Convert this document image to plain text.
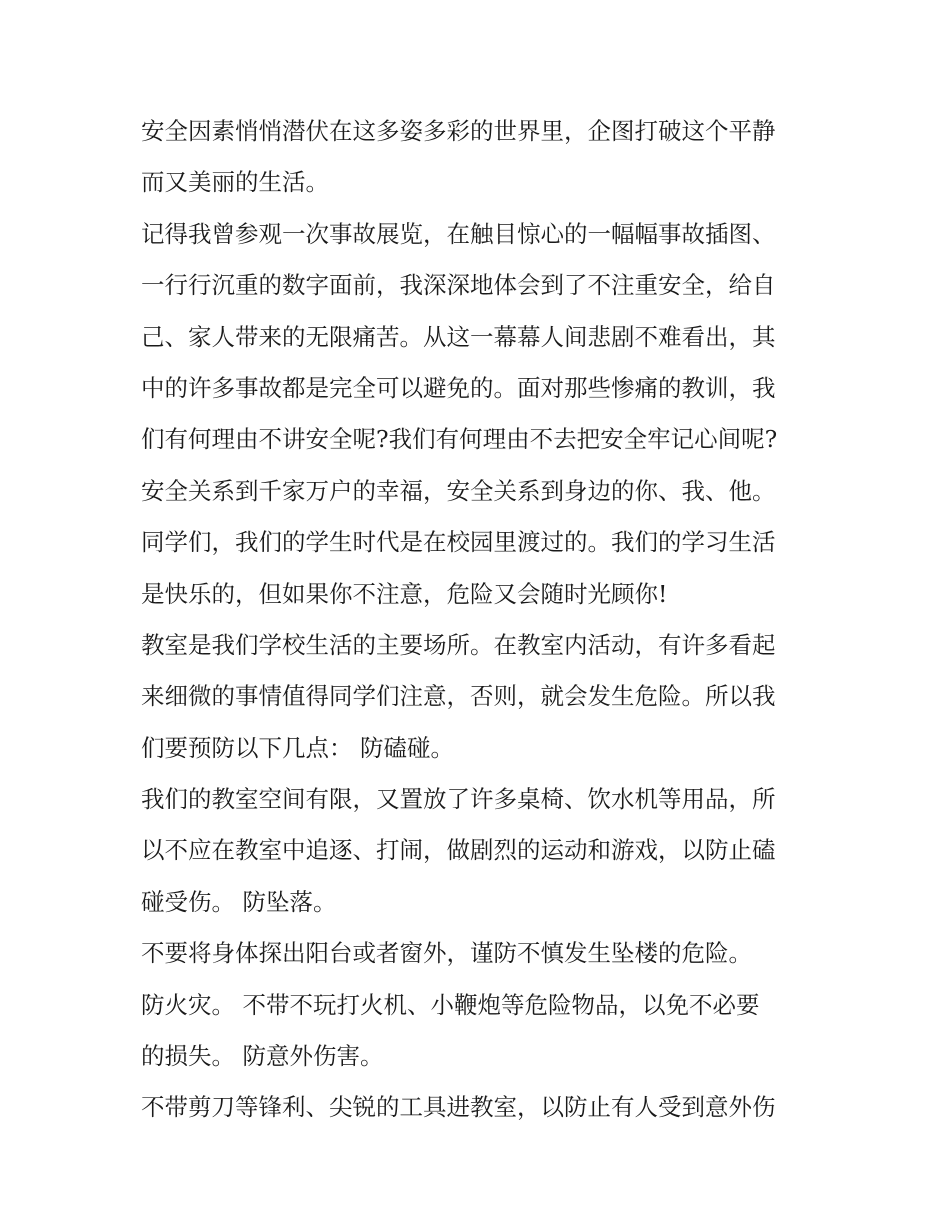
安全因素悄悄潜伏在这多姿多彩的世界里，企图打破这个平静
而又美丽的生活。
记得我曾参观一次事故展览，在触目惊心的一幅幅事故插图、
一行行沉重的数字面前，我深深地体会到了不注重安全，给自
己、家人带来的无限痛苦。从这一幕幕人间悲剧不难看出，其
中的许多事故都是完全可以避免的。面对那些惨痛的教训，我
们有何理由不讲安全呢?我们有何理由不去把安全牢记心间呢?
安全关系到千家万户的幸福，安全关系到身边的你、我、他。
同学们，我们的学生时代是在校园里渡过的。我们的学习生活
是快乐的，但如果你不注意，危险又会随时光顾你!
教室是我们学校生活的主要场所。在教室内活动，有许多看起
来细微的事情值得同学们注意，否则，就会发生危险。所以我
们要预防以下几点： 防磕碰。
我们的教室空间有限，又置放了许多桌椅、饮水机等用品，所
以不应在教室中追逐、打闹，做剧烈的运动和游戏，以防止磕
碰受伤。 防坠落。
不要将身体探出阳台或者窗外，谨防不慎发生坠楼的危险。
防火灾。 不带不玩打火机、小鞭炮等危险物品，以免不必要
的损失。 防意外伤害。
不带剪刀等锋利、尖锐的工具进教室，以防止有人受到意外伤
